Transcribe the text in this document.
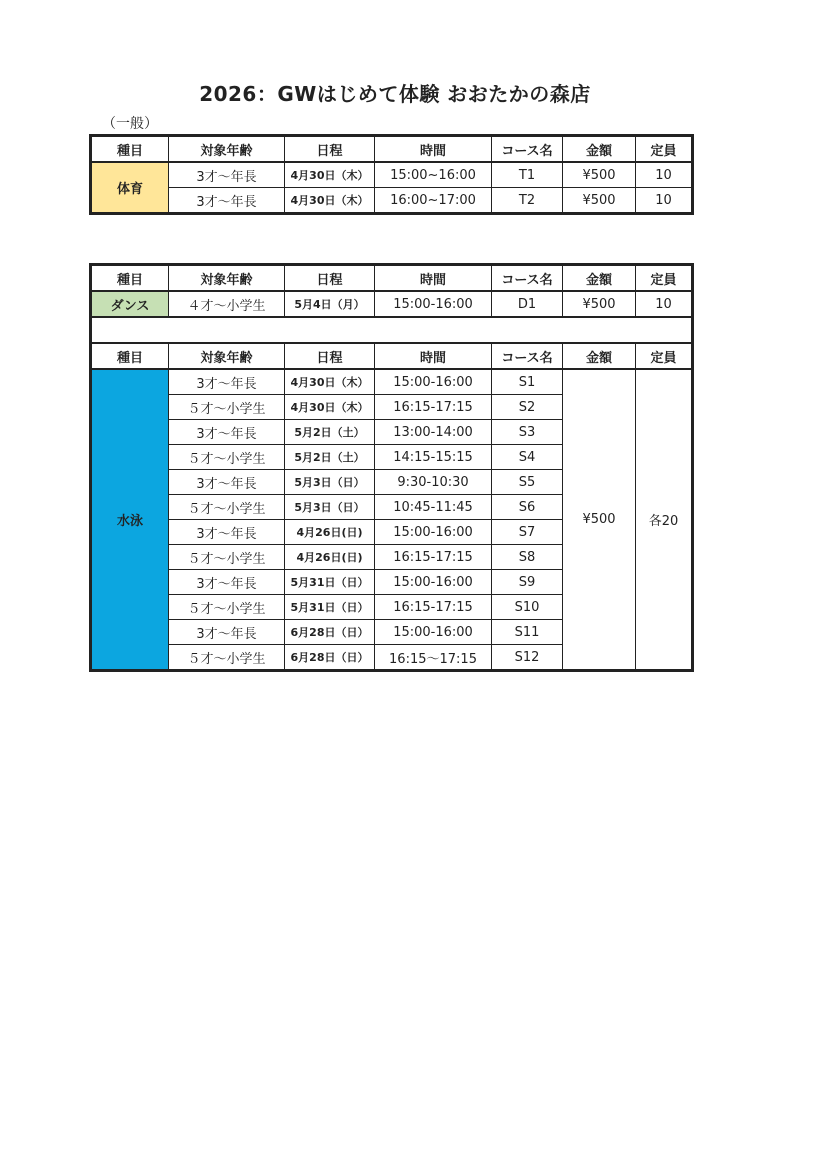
2026：GWはじめて体験 おおたかの森店
（一般）
種目	対象年齢	日程	時間	コース名	金額	定員
体育	3才～年長	4月30日（木）	15:00~16:00	T1	¥500	10
	3才～年長	4月30日（木）	16:00~17:00	T2	¥500	10
種目	対象年齢	日程	時間	コース名	金額	定員
ダンス	４才～小学生	5月4日（月）	15:00-16:00	D1	¥500	10

種目	対象年齢	日程	時間	コース名	金額	定員
水泳	3才～年長	4月30日（木）	15:00-16:00	S1	¥500	各20
	５才～小学生	4月30日（木）	16:15-17:15	S2		
	3才～年長	5月2日（土）	13:00-14:00	S3		
	５才～小学生	5月2日（土）	14:15-15:15	S4		
	3才～年長	5月3日（日）	9:30-10:30	S5		
	５才～小学生	5月3日（日）	10:45-11:45	S6		
	3才～年長	4月26日(日)	15:00-16:00	S7		
	５才～小学生	4月26日(日)	16:15-17:15	S8		
	3才～年長	5月31日（日）	15:00-16:00	S9		
	５才～小学生	5月31日（日）	16:15-17:15	S10		
	3才～年長	6月28日（日）	15:00-16:00	S11		
	５才～小学生	6月28日（日）	16:15～17:15	S12		
